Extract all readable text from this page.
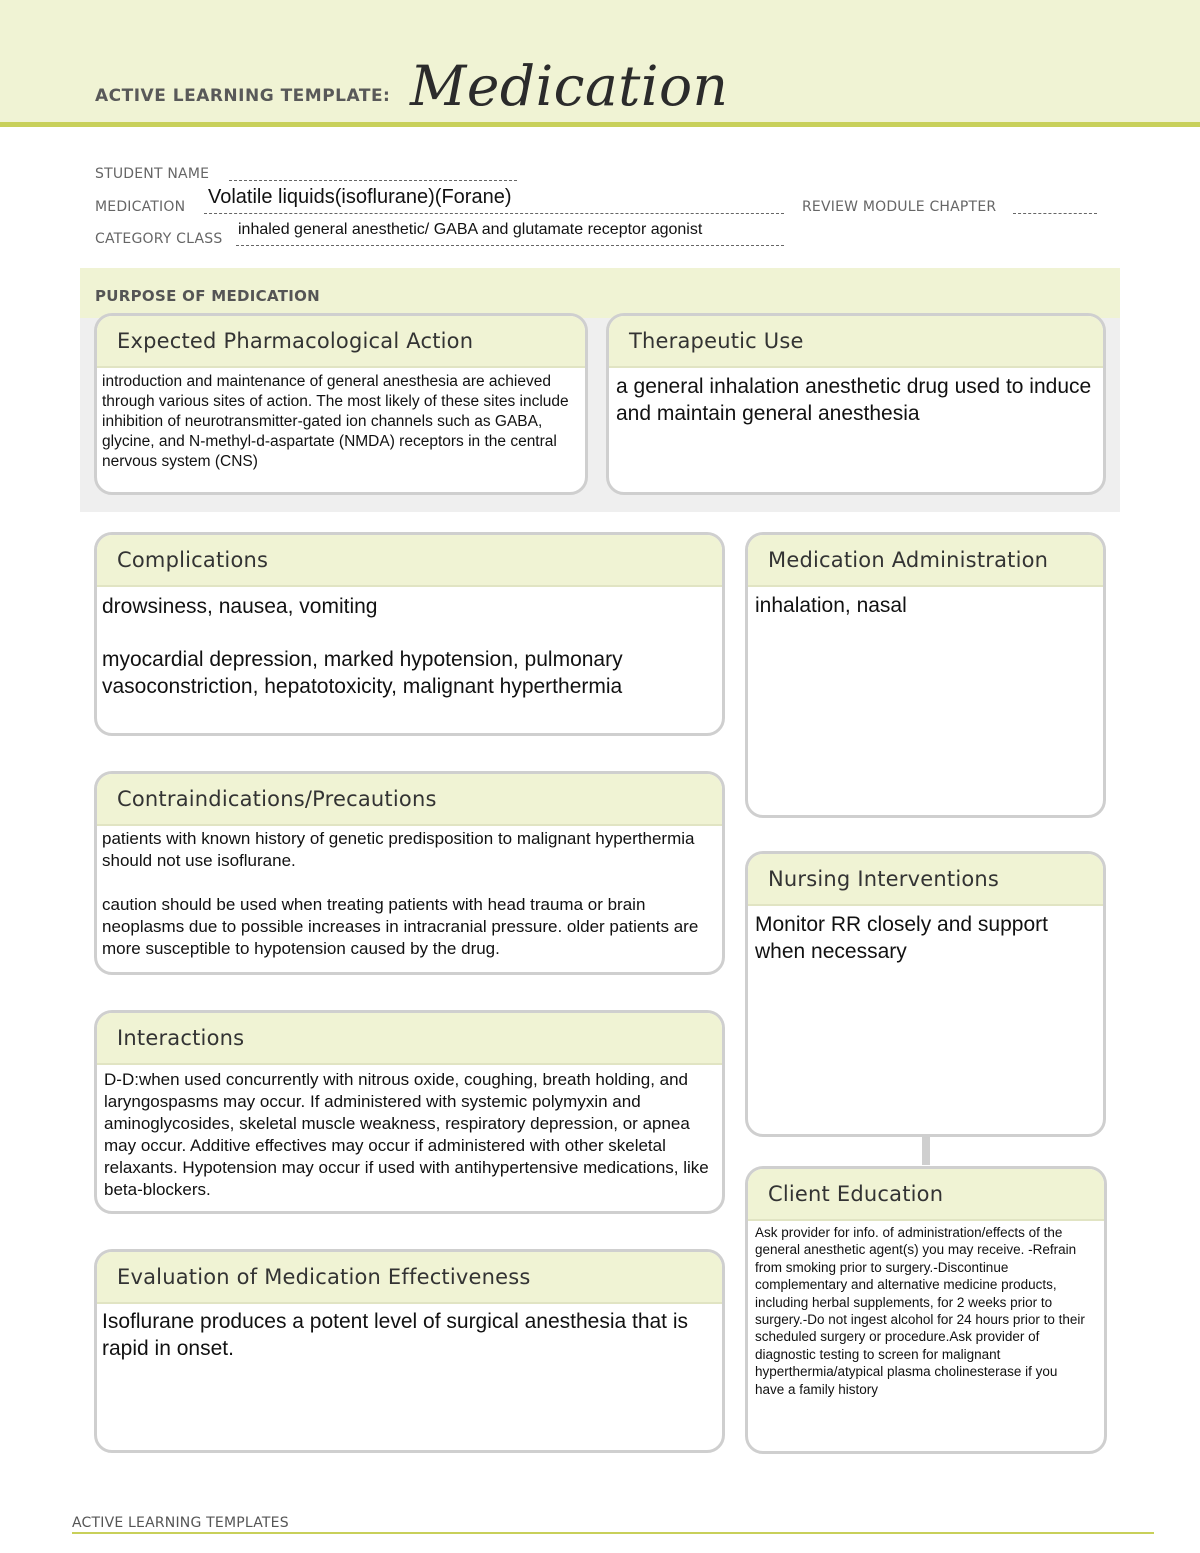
ACTIVE LEARNING TEMPLATE: Medication
STUDENT NAME
MEDICATION Volatile liquids(isoflurane)(Forane)	REVIEW MODULE CHAPTER
CATEGORY CLASS
inhaled general anesthetic/ GABA and glutamate receptor agonist
PURPOSE OF MEDICATION
Expected Pharmacological Action
introduction and maintenance of general anesthesia are achieved through various sites of action. The most likely of these sites include inhibition of neurotransmitter-gated ion channels such as GABA, glycine, and N-methyl-d-aspartate (NMDA) receptors in the central nervous system (CNS)
Therapeutic Use
a general inhalation anesthetic drug used to induce and maintain general anesthesia
Complications
drowsiness, nausea, vomiting
myocardial depression, marked hypotension, pulmonary vasoconstriction, hepatotoxicity, malignant hyperthermia
Medication Administration
inhalation, nasal
Contraindications/Precautions
patients with known history of genetic predisposition to malignant hyperthermia should not use isoflurane.
caution should be used when treating patients with head trauma or brain neoplasms due to possible increases in intracranial pressure. older patients are more susceptible to hypotension caused by the drug.
Nursing Interventions
Monitor RR closely and support when necessary
Interactions
D-D:when used concurrently with nitrous oxide, coughing, breath holding, and laryngospasms may occur. If administered with systemic polymyxin and aminoglycosides, skeletal muscle weakness, respiratory depression, or apnea may occur. Additive effectives may occur if administered with other skeletal relaxants. Hypotension may occur if used with antihypertensive medications, like beta-blockers.	Client Education
Ask provider for info. of administration/effects of the general anesthetic agent(s) you may receive. -Refrain from smoking prior to surgery.-Discontinue complementary and alternative medicine products, including herbal supplements, for 2 weeks prior to surgery.-Do not ingest alcohol for 24 hours prior to their scheduled surgery or procedure.Ask provider of diagnostic testing to screen for malignant hyperthermia/atypical plasma cholinesterase if you have a family history
Evaluation of Medication Effectiveness
Isoflurane produces a potent level of surgical anesthesia that is rapid in onset.
ACTIVE LEARNING TEMPLATES
